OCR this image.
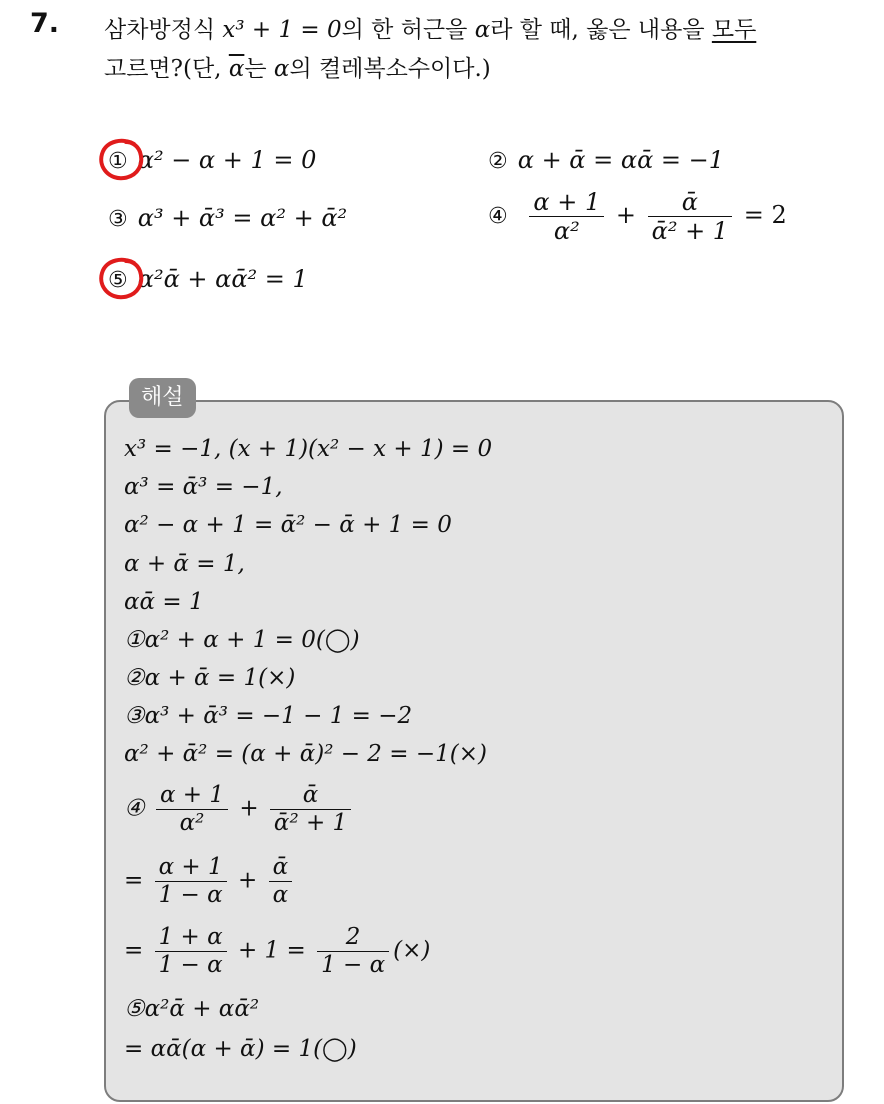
7. 삼차방정식 x³ + 1 = 0의 한 허근을 α라 할 때, 옳은 내용을 모두
고르면?(단, $\overline{\alpha}$는 α의 켤레복소수이다.)
① α² − α + 1 = 0	② α + ᾱ = αᾱ = −1
③ α³ + ᾱ³ = α² + ᾱ²	④ $\frac{\alpha + 1}{\text{α²}} + \frac{\text{ᾱ}}{\text{ᾱ² + 1}} = 2$
⑤ α²ᾱ + αᾱ² = 1
해설
x³ = −1, (x + 1)(x² − x + 1) = 0
α³ = ᾱ³ = −1,
α² − α + 1 = ᾱ² − ᾱ + 1 = 0
α + ᾱ = 1,
αᾱ = 1
①α² + α + 1 = 0(◯)
②α + ᾱ = 1(×)
③α³ + ᾱ³ = −1 − 1 = −2
α² + ᾱ² = (α + ᾱ)² − 2 = −1(×)
④ $\frac{\alpha + 1}{\text{α²}} + \frac{\text{ᾱ}}{\text{ᾱ² + 1}}$
= $\frac{\alpha + 1}{1 - \alpha} + \frac{\text{ᾱ}}{\alpha}$
= $\frac{1 + \alpha}{1 - \alpha} + 1 = \frac{2}{1 - \alpha}$ (×)
⑤α²ᾱ + αᾱ²
= αᾱ(α + ᾱ) = 1(◯)
